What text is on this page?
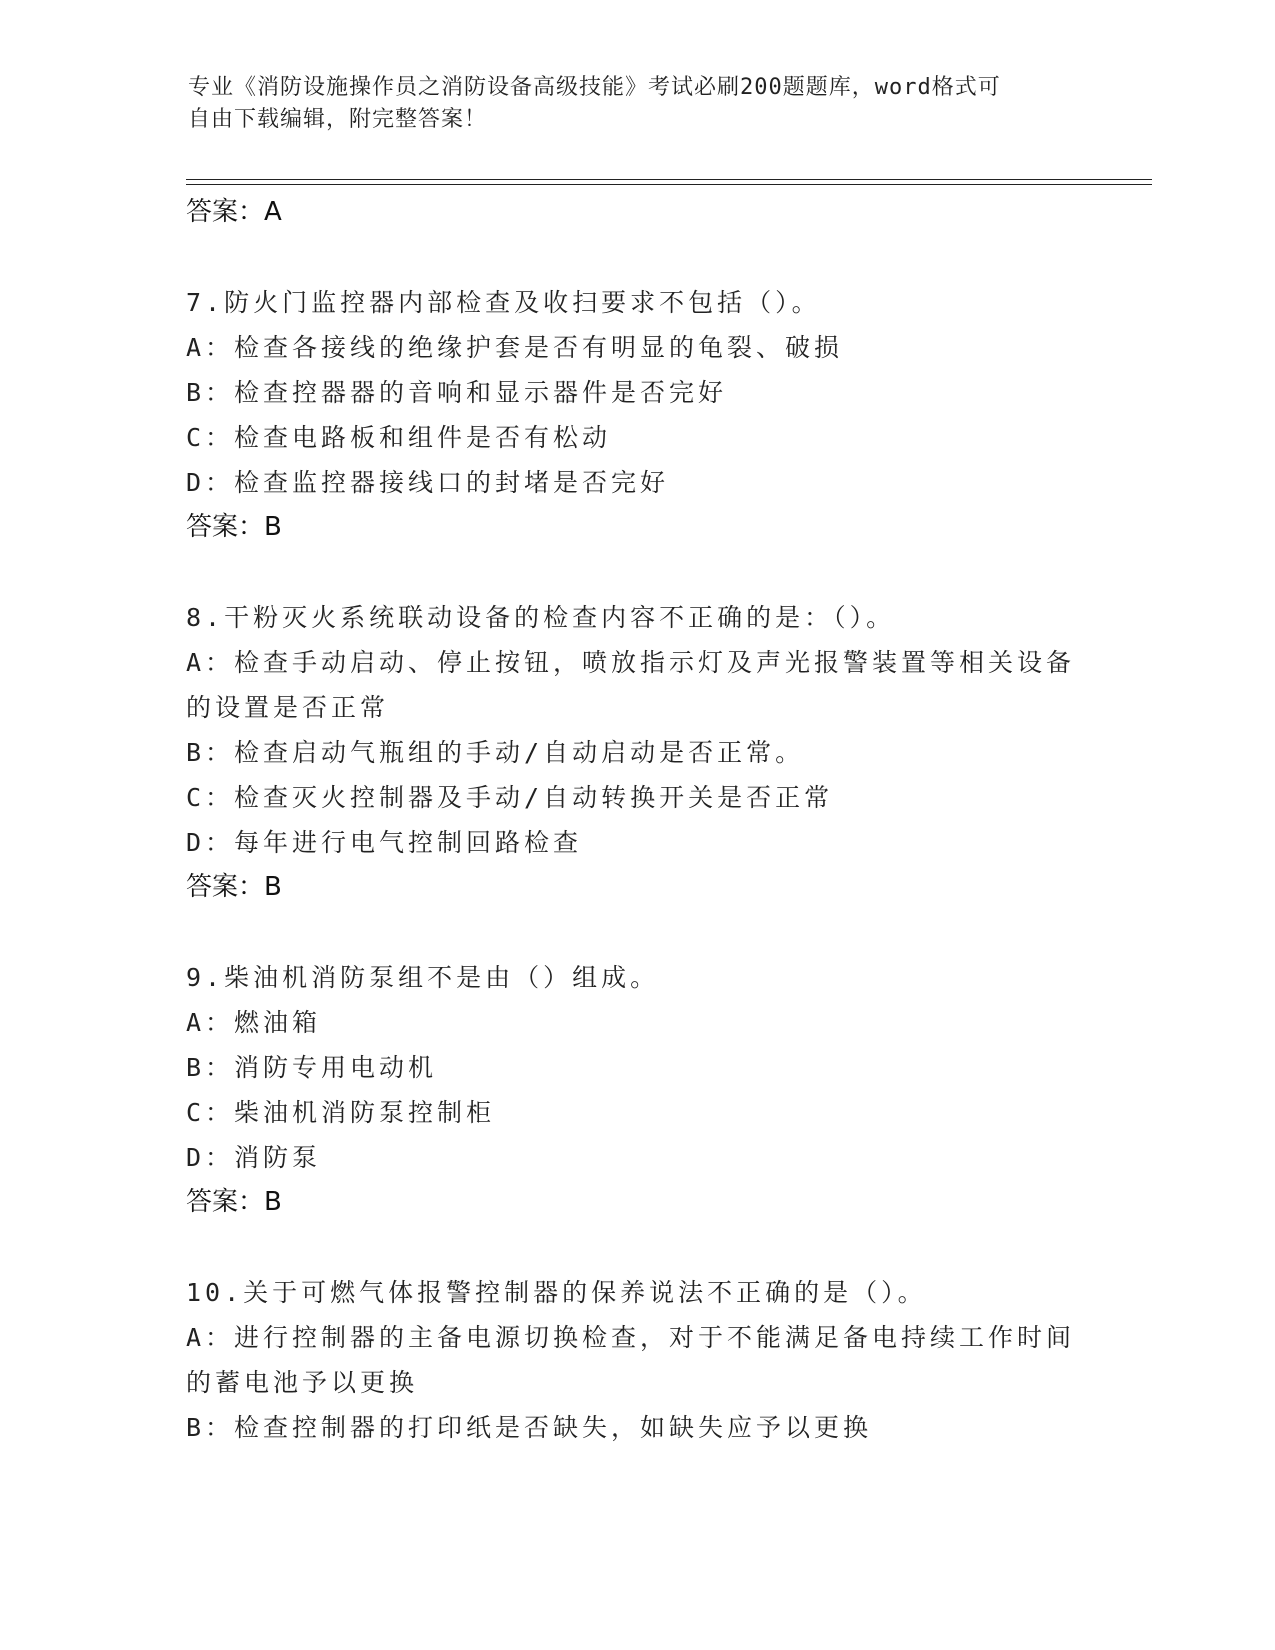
专业《消防设施操作员之消防设备高级技能》考试必刷200题题库，word格式可

自由下载编辑，附完整答案！

答案：A

7.防火门监控器内部检查及收扫要求不包括（）。

A：检查各接线的绝缘护套是否有明显的龟裂、破损

B：检查控器器的音响和显示器件是否完好

C：检查电路板和组件是否有松动

D：检查监控器接线口的封堵是否完好

答案：B

8.干粉灭火系统联动设备的检查内容不正确的是：（）。

A：检查手动启动、停止按钮，喷放指示灯及声光报警装置等相关设备

的设置是否正常

B：检查启动气瓶组的手动/自动启动是否正常。

C：检查灭火控制器及手动/自动转换开关是否正常

D：每年进行电气控制回路检查

答案：B

9.柴油机消防泵组不是由（）组成。

A：燃油箱

B：消防专用电动机

C：柴油机消防泵控制柜

D：消防泵

答案：B

10.关于可燃气体报警控制器的保养说法不正确的是（）。

A：进行控制器的主备电源切换检查，对于不能满足备电持续工作时间

的蓄电池予以更换

B：检查控制器的打印纸是否缺失，如缺失应予以更换
